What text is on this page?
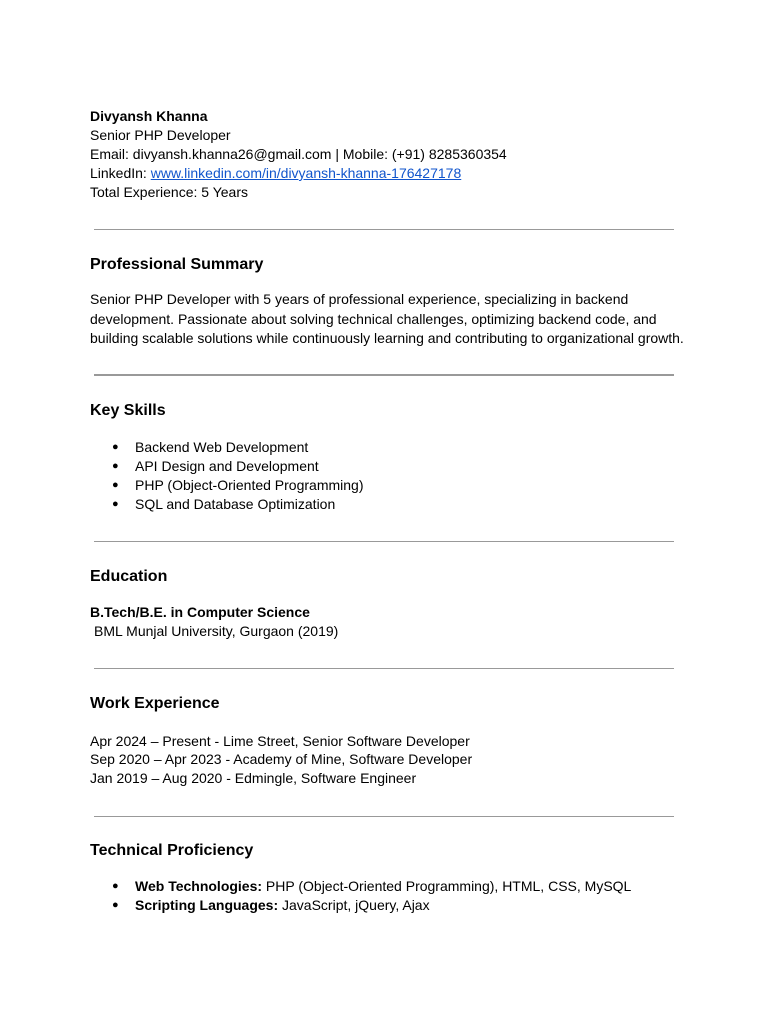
Divyansh Khanna
Senior PHP Developer
Email: divyansh.khanna26@gmail.com | Mobile: (+91) 8285360354
LinkedIn: www.linkedin.com/in/divyansh-khanna-176427178
Total Experience: 5 Years
Professional Summary
Senior PHP Developer with 5 years of professional experience, specializing in backend development. Passionate about solving technical challenges, optimizing backend code, and building scalable solutions while continuously learning and contributing to organizational growth.
Key Skills
● Backend Web Development
● API Design and Development
● PHP (Object-Oriented Programming)
● SQL and Database Optimization
Education
B.Tech/B.E. in Computer Science
BML Munjal University, Gurgaon (2019)
Work Experience
Apr 2024 – Present - Lime Street, Senior Software Developer
Sep 2020 – Apr 2023 - Academy of Mine, Software Developer
Jan 2019 – Aug 2020 - Edmingle, Software Engineer
Technical Proficiency
● Web Technologies: PHP (Object-Oriented Programming), HTML, CSS, MySQL
● Scripting Languages: JavaScript, jQuery, Ajax
